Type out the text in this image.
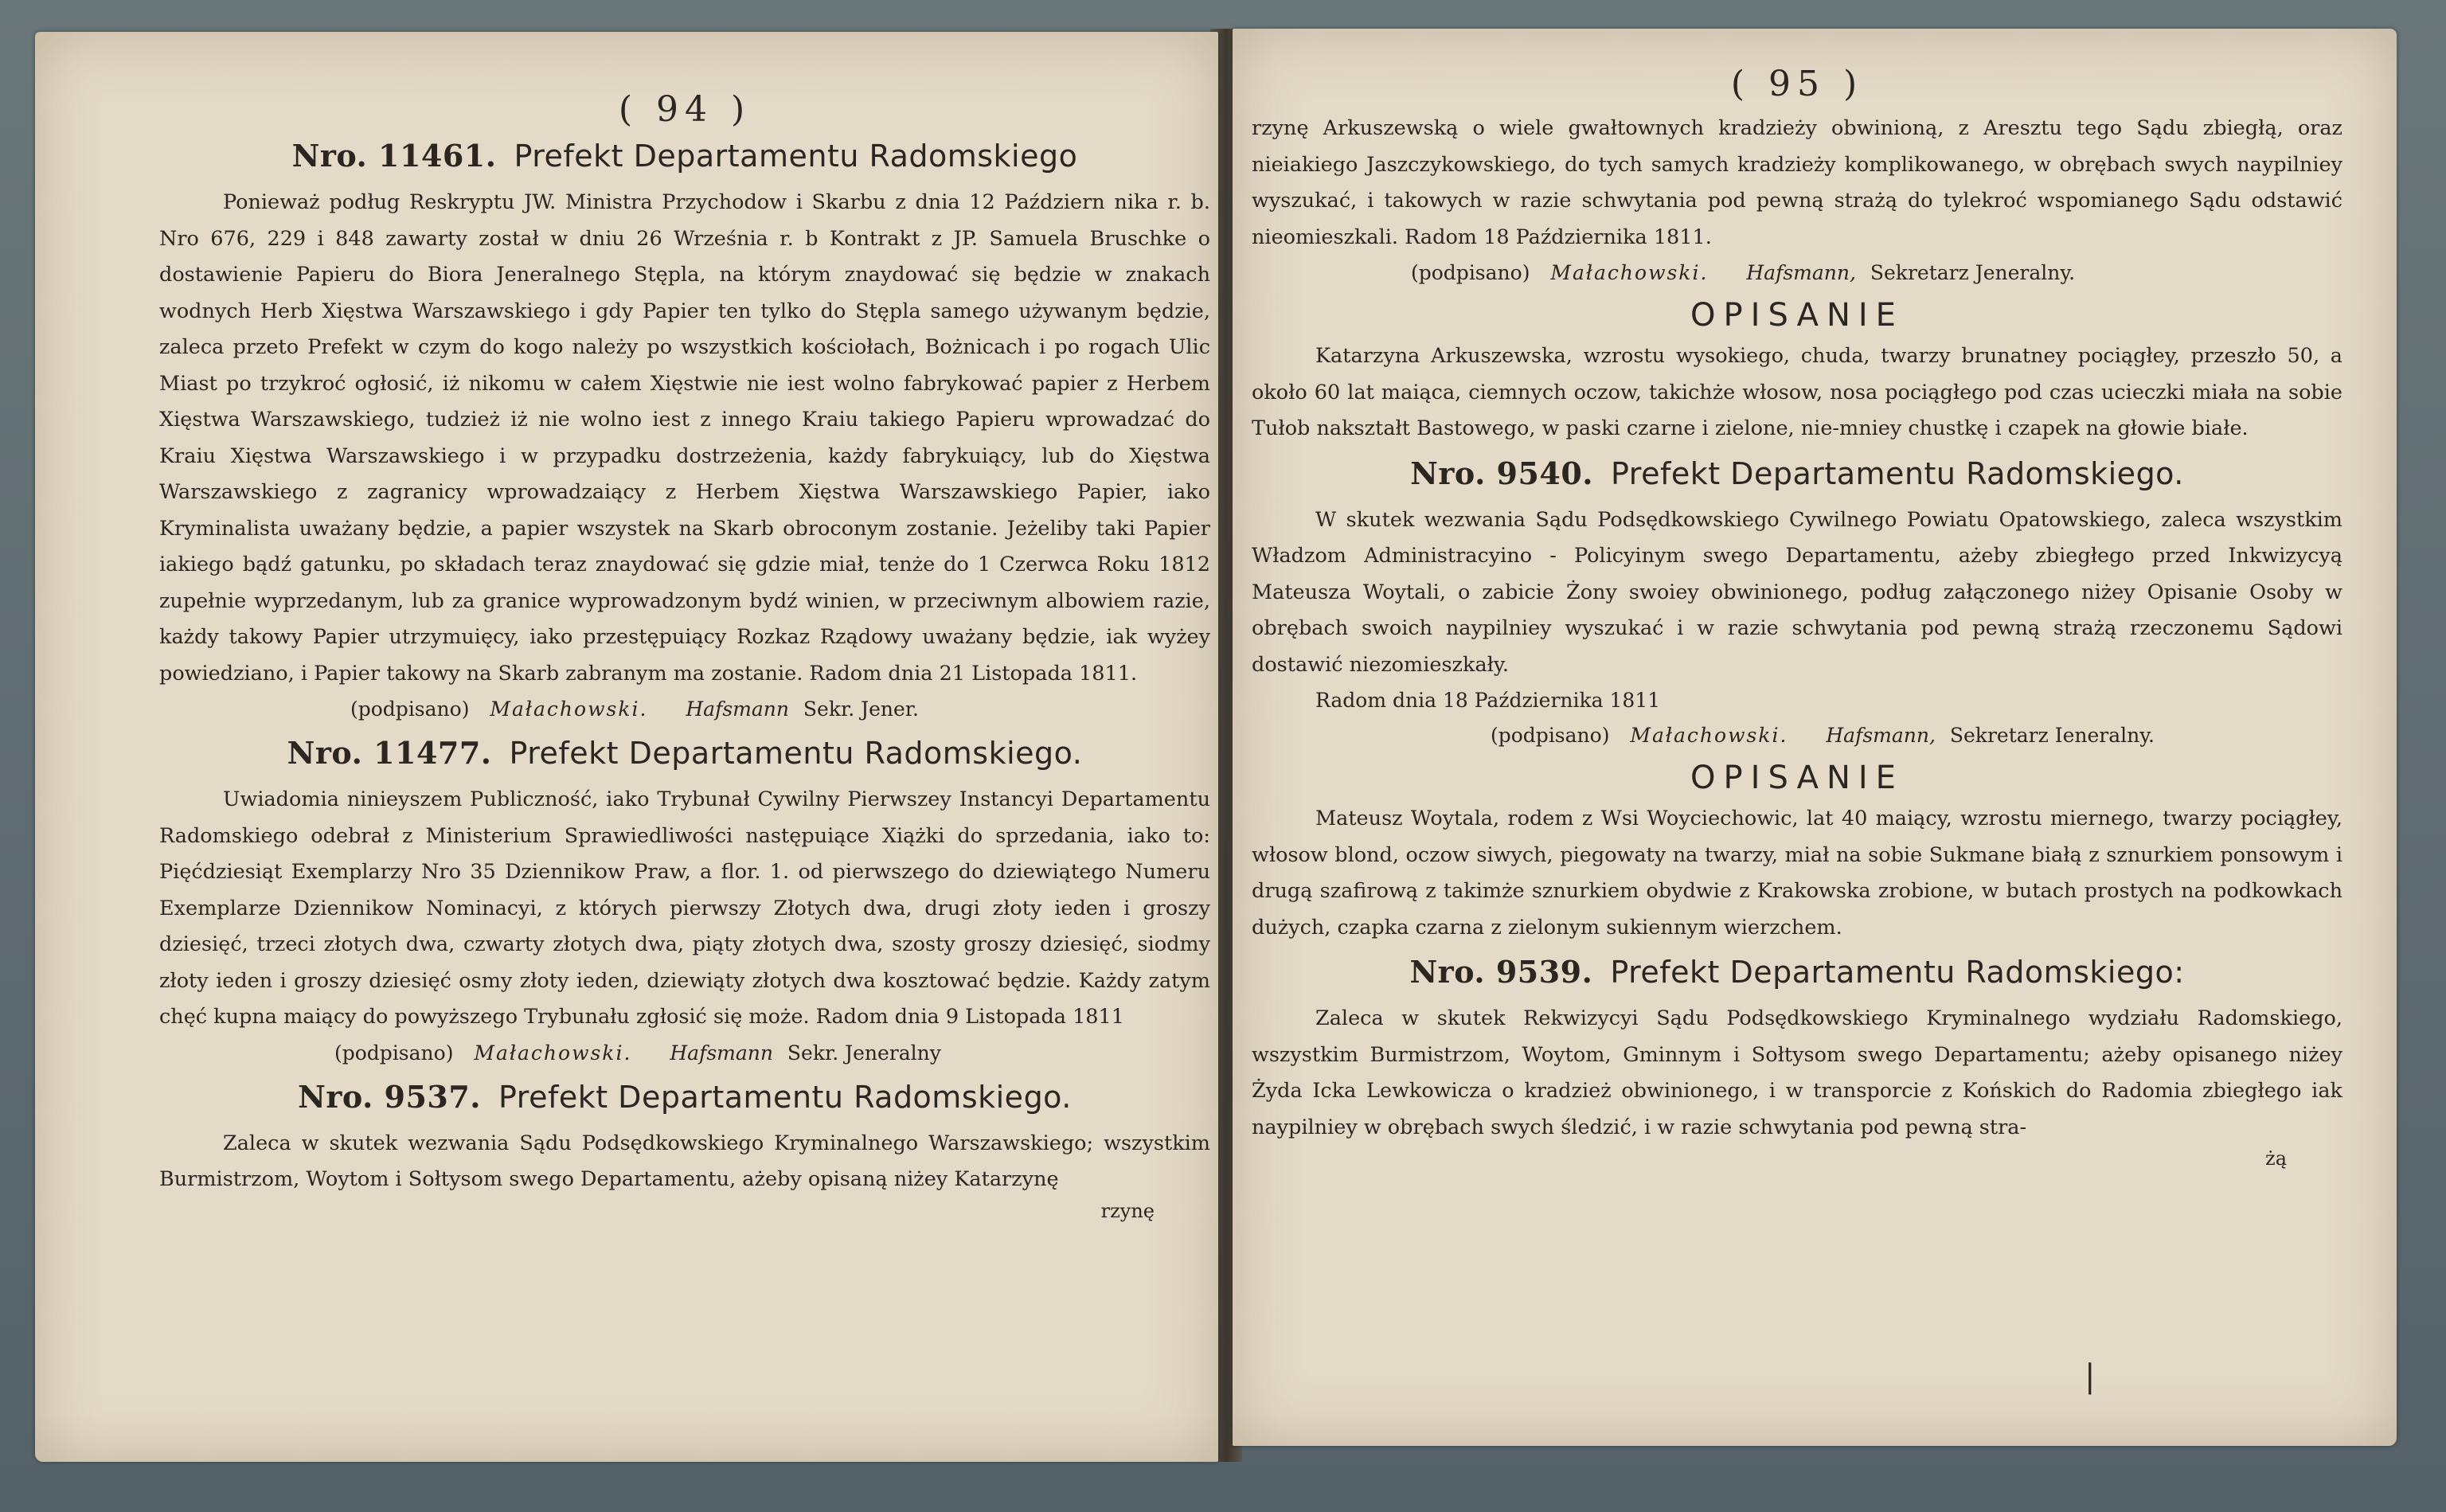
( 94 )
Nro. 11461. Prefekt Departamentu Radomskiego

Ponieważ podług Reskryptu JW. Ministra Przychodow i Skarbu z dnia 12 Październ nika r. b. Nro 676, 229 i 848 zawarty został w dniu 26 Września r. b Kontrakt z JP. Samuela Bruschke o dostawienie Papieru do Biora Jeneralnego Stępla, na którym znaydować się będzie w znakach wodnych Herb Xięstwa Warszawskiego i gdy Papier ten tylko do Stępla samego używanym będzie, zaleca przeto Prefekt w czym do kogo należy po wszystkich kościołach, Bożnicach i po rogach Ulic Miast po trzykroć ogłosić, iż nikomu w całem Xięstwie nie iest wolno fabrykować papier z Herbem Xięstwa Warszawskiego, tudzież iż nie wolno iest z innego Kraiu takiego Papieru wprowadzać do Kraiu Xięstwa Warszawskiego i w przypadku dostrzeżenia, każdy fabrykuiący, lub do Xięstwa Warszawskiego z zagranicy wprowadzaiący z Herbem Xięstwa Warszawskiego Papier, iako Kryminalista uważany będzie, a papier wszystek na Skarb obroconym zostanie. Jeżeliby taki Papier iakiego bądź gatunku, po składach teraz znaydować się gdzie miał, tenże do 1 Czerwca Roku 1812 zupełnie wyprzedanym, lub za granice wyprowadzonym bydź winien, w przeciwnym albowiem razie, każdy takowy Papier utrzymuięcy, iako przestępuiący Rozkaz Rządowy uważany będzie, iak wyżey powiedziano, i Papier takowy na Skarb zabranym ma zostanie. Radom dnia 21 Listopada 1811.

(podpisano) Małachowski. Hafsmann Sekr. Jener.
Nro. 11477. Prefekt Departamentu Radomskiego.

Uwiadomia ninieyszem Publiczność, iako Trybunał Cywilny Pierwszey Instancyi Departamentu Radomskiego odebrał z Ministerium Sprawiedliwości następuiące Xiążki do sprzedania, iako to: Pięćdziesiąt Exemplarzy Nro 35 Dziennikow Praw, a flor. 1. od pierwszego do dziewiątego Numeru Exemplarze Dziennikow Nominacyi, z których pierwszy Złotych dwa, drugi złoty ieden i groszy dziesięć, trzeci złotych dwa, czwarty złotych dwa, piąty złotych dwa, szosty groszy dziesięć, siodmy złoty ieden i groszy dziesięć osmy złoty ieden, dziewiąty złotych dwa kosztować będzie. Każdy zatym chęć kupna maiący do powyższego Trybunału zgłosić się może. Radom dnia 9 Listopada 1811

(podpisano) Małachowski. Hafsmann Sekr. Jeneralny
Nro. 9537. Prefekt Departamentu Radomskiego.

Zaleca w skutek wezwania Sądu Podsędkowskiego Kryminalnego Warszawskiego; wszystkim Burmistrzom, Woytom i Sołtysom swego Departamentu, ażeby opisaną niżey Katarzynę

rzynę
( 95 )

rzynę Arkuszewską o wiele gwałtownych kradzieży obwinioną, z Aresztu tego Sądu zbiegłą, oraz nieiakiego Jaszczykowskiego, do tych samych kradzieży komplikowanego, w obrębach swych naypilniey wyszukać, i takowych w razie schwytania pod pewną strażą do tylekroć wspomianego Sądu odstawić nieomieszkali. Radom 18 Października 1811.

(podpisano) Małachowski. Hafsmann, Sekretarz Jeneralny.
OPISANIE

Katarzyna Arkuszewska, wzrostu wysokiego, chuda, twarzy brunatney pociągłey, przeszło 50, a około 60 lat maiąca, ciemnych oczow, takichże włosow, nosa pociągłego pod czas ucieczki miała na sobie Tułob nakształt Bastowego, w paski czarne i zielone, nie-mniey chustkę i czapek na głowie białe.

Nro. 9540. Prefekt Departamentu Radomskiego.

W skutek wezwania Sądu Podsędkowskiego Cywilnego Powiatu Opatowskiego, zaleca wszystkim Władzom Administracyino - Policyinym swego Departamentu, ażeby zbiegłego przed Inkwizycyą Mateusza Woytali, o zabicie Żony swoiey obwinionego, podług załączonego niżey Opisanie Osoby w obrębach swoich naypilniey wyszukać i w razie schwytania pod pewną strażą rzeczonemu Sądowi dostawić niezomieszkały.

Radom dnia 18 Października 1811
(podpisano) Małachowski. Hafsmann, Sekretarz Ieneralny.
OPISANIE

Mateusz Woytala, rodem z Wsi Woyciechowic, lat 40 maiący, wzrostu miernego, twarzy pociągłey, włosow blond, oczow siwych, piegowaty na twarzy, miał na sobie Sukmane białą z sznurkiem ponsowym i drugą szafirową z takimże sznurkiem obydwie z Krakowska zrobione, w butach prostych na podkowkach dużych, czapka czarna z zielonym sukiennym wierzchem.

Nro. 9539. Prefekt Departamentu Radomskiego:

Zaleca w skutek Rekwizycyi Sądu Podsędkowskiego Kryminalnego wydziału Radomskiego, wszystkim Burmistrzom, Woytom, Gminnym i Sołtysom swego Departamentu; ażeby opisanego niżey Żyda Icka Lewkowicza o kradzież obwinionego, i w transporcie z Końskich do Radomia zbiegłego iak naypilniey w obrębach swych śledzić, i w razie schwytania pod pewną stra-

żą
|
